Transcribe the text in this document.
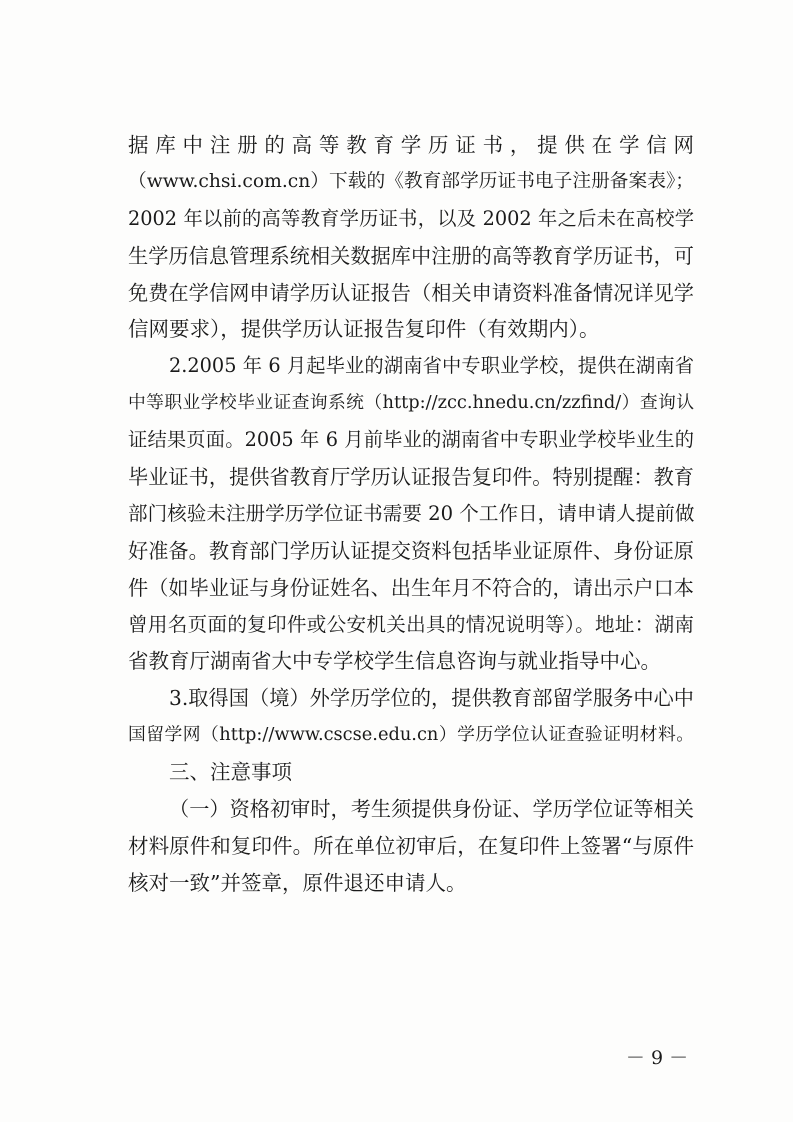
据库中注册的高等教育学历证书，提供在学信网
（www.chsi.com.cn）下载的《教育部学历证书电子注册备案表》；
2002 年以前的高等教育学历证书，以及 2002 年之后未在高校学
生学历信息管理系统相关数据库中注册的高等教育学历证书，可
免费在学信网申请学历认证报告（相关申请资料准备情况详见学
信网要求），提供学历认证报告复印件（有效期内）。
2.2005 年 6 月起毕业的湖南省中专职业学校，提供在湖南省
中等职业学校毕业证查询系统（http://zcc.hnedu.cn/zzfind/）查询认
证结果页面。2005 年 6 月前毕业的湖南省中专职业学校毕业生的
毕业证书，提供省教育厅学历认证报告复印件。特别提醒：教育
部门核验未注册学历学位证书需要 20 个工作日，请申请人提前做
好准备。教育部门学历认证提交资料包括毕业证原件、身份证原
件（如毕业证与身份证姓名、出生年月不符合的，请出示户口本
曾用名页面的复印件或公安机关出具的情况说明等）。地址：湖南
省教育厅湖南省大中专学校学生信息咨询与就业指导中心。
3.取得国（境）外学历学位的，提供教育部留学服务中心中
国留学网（http://www.cscse.edu.cn）学历学位认证查验证明材料。
三、注意事项
（一）资格初审时，考生须提供身份证、学历学位证等相关
材料原件和复印件。所在单位初审后，在复印件上签署“与原件
核对一致”并签章，原件退还申请人。
－ 9 －
